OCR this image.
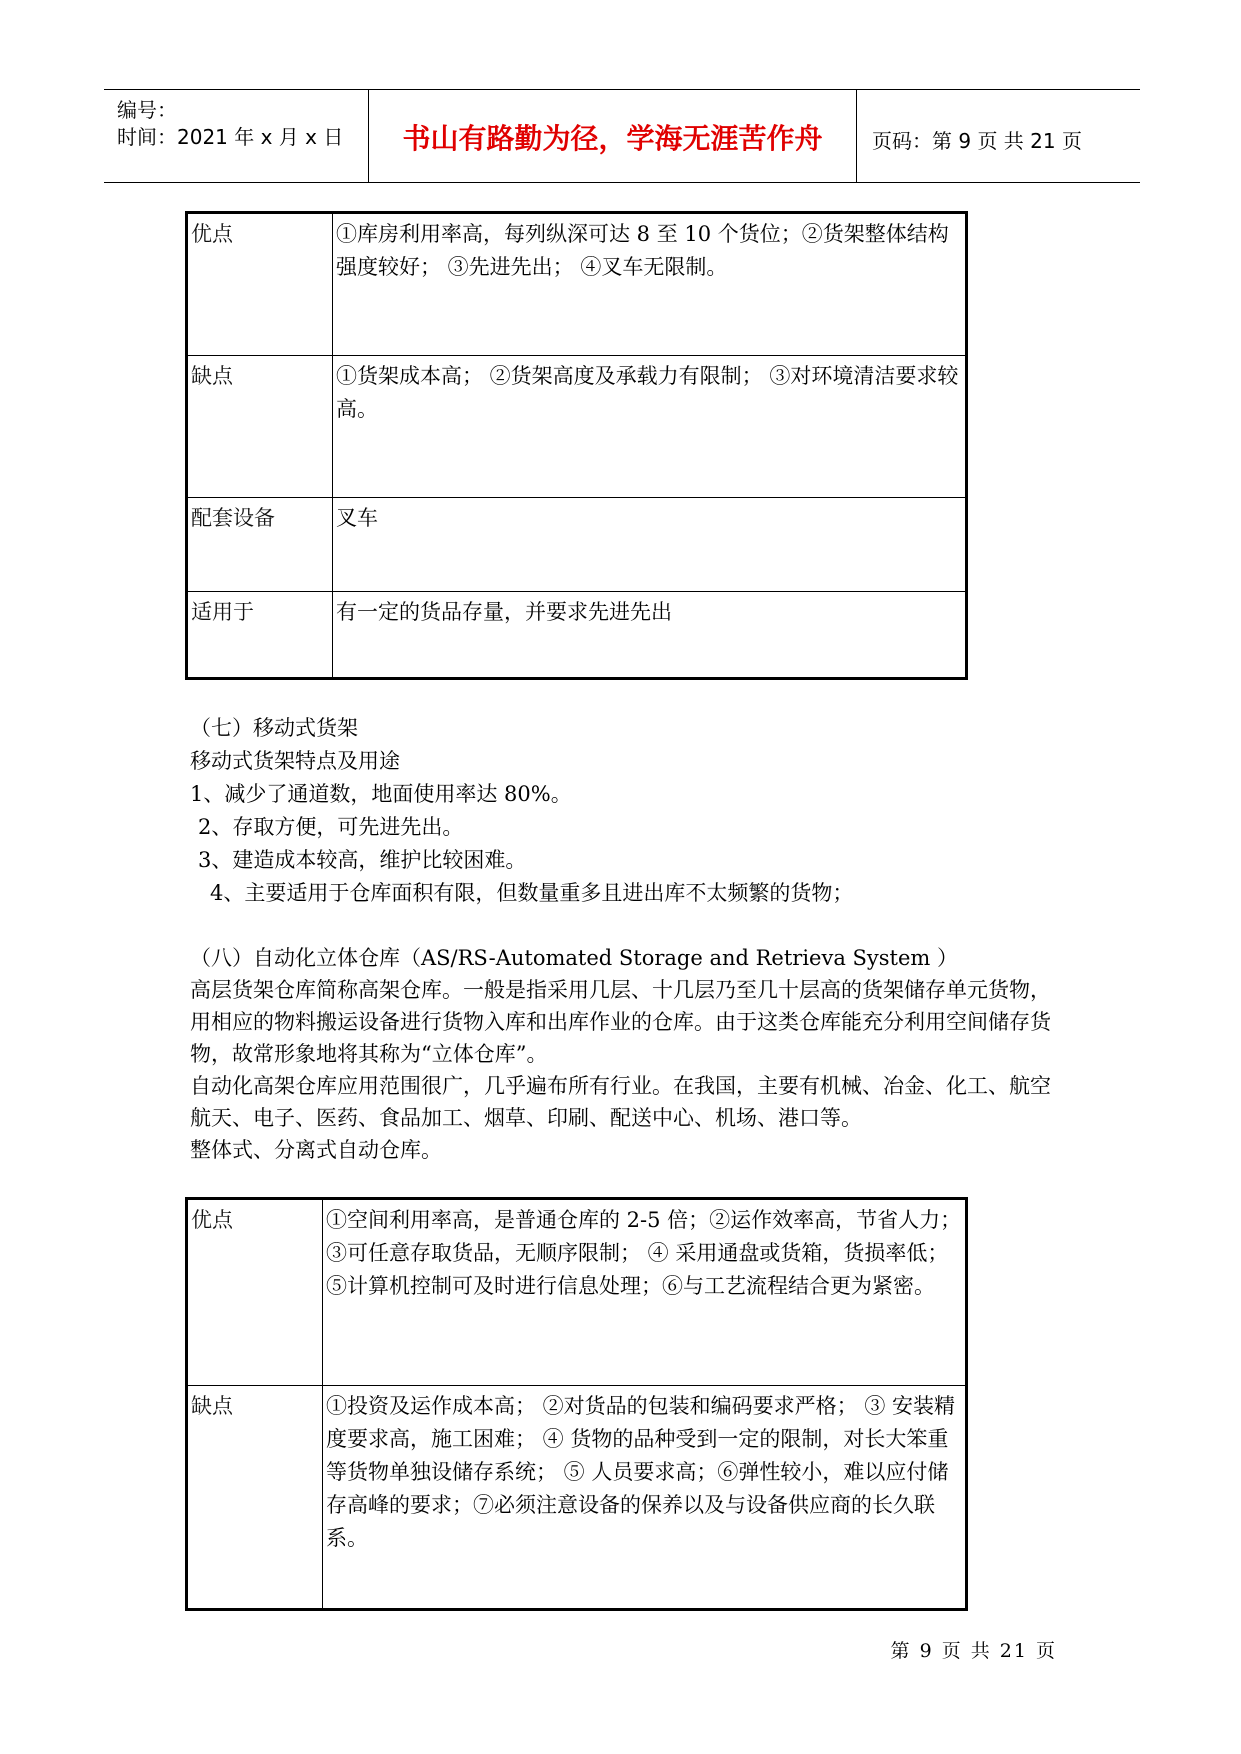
编号：
时间：2021 年 x 月 x 日	书山有路勤为径，学海无涯苦作舟	页码：第 9 页 共 21 页
优点	①库房利用率高，每列纵深可达 8 至 10 个货位；②货架整体结构强度较好； ③先进先出； ④叉车无限制。
缺点	①货架成本高； ②货架高度及承载力有限制； ③对环境清洁要求较高。
配套设备	叉车
适用于	有一定的货品存量，并要求先进先出
（七）移动式货架
移动式货架特点及用途
1、减少了通道数，地面使用率达 80%。
2、存取方便，可先进先出。
3、建造成本较高，维护比较困难。
4、主要适用于仓库面积有限，但数量重多且进出库不太频繁的货物；
（八）自动化立体仓库（AS/RS-Automated Storage and Retrieva System ）
高层货架仓库简称高架仓库。一般是指采用几层、十几层乃至几十层高的货架储存单元货物，用相应的物料搬运设备进行货物入库和出库作业的仓库。由于这类仓库能充分利用空间储存货物，故常形象地将其称为“立体仓库”。
自动化高架仓库应用范围很广，几乎遍布所有行业。在我国，主要有机械、冶金、化工、航空航天、电子、医药、食品加工、烟草、印刷、配送中心、机场、港口等。
整体式、分离式自动仓库。
优点	①空间利用率高，是普通仓库的 2-5 倍；②运作效率高，节省人力；③可任意存取货品，无顺序限制； ④ 采用通盘或货箱，货损率低；⑤计算机控制可及时进行信息处理；⑥与工艺流程结合更为紧密。
缺点	①投资及运作成本高； ②对货品的包装和编码要求严格； ③ 安装精度要求高，施工困难； ④ 货物的品种受到一定的限制，对长大笨重等货物单独设储存系统； ⑤ 人员要求高；⑥弹性较小，难以应付储存高峰的要求；⑦必须注意设备的保养以及与设备供应商的长久联系。
第 9 页 共 21 页
